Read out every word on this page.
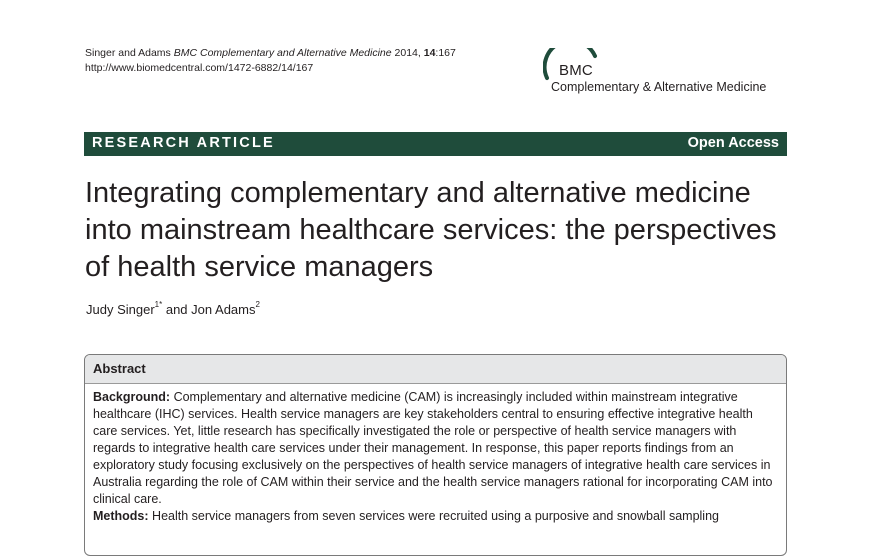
Singer and Adams BMC Complementary and Alternative Medicine 2014, 14:167
http://www.biomedcentral.com/1472-6882/14/167	BMC
Complementary & Alternative Medicine
RESEARCH ARTICLE	Open Access
Integrating complementary and alternative medicine into mainstream healthcare services: the perspectives of health service managers
Judy Singer$^{1*}$ and Jon Adams$^2$
Abstract

Background: Complementary and alternative medicine (CAM) is increasingly included within mainstream integrative healthcare (IHC) services. Health service managers are key stakeholders central to ensuring effective integrative health care services. Yet, little research has specifically investigated the role or perspective of health service managers with regards to integrative health care services under their management. In response, this paper reports findings from an exploratory study focusing exclusively on the perspectives of health service managers of integrative health care services in Australia regarding the role of CAM within their service and the health service managers rational for incorporating CAM into clinical care.

Methods: Health service managers from seven services were recruited using a purposive and snowball sampling
